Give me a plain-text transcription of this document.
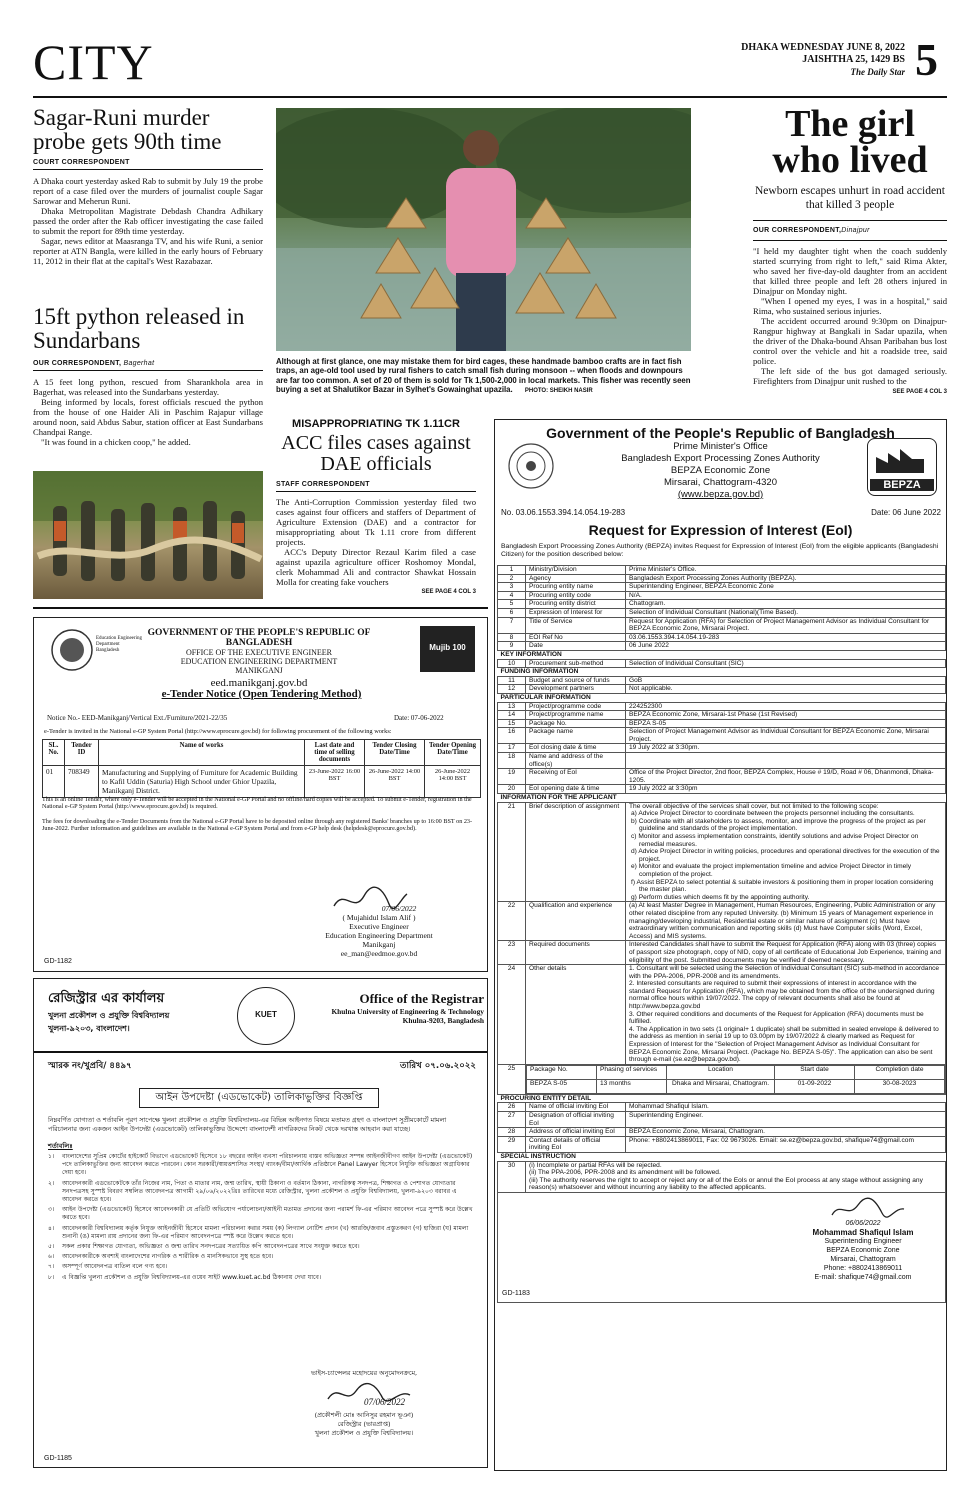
CITY	DHAKA WEDNESDAY JUNE 8, 2022
JAISHTHA 25, 1429 BS
The Daily Star 5
Sagar-Runi murder probe gets 90th time
COURT CORRESPONDENT

A Dhaka court yesterday asked Rab to submit by July 19 the probe report of a case filed over the murders of journalist couple Sagar Sarowar and Meherun Runi.

Dhaka Metropolitan Magistrate Debdash Chandra Adhikary passed the order after the Rab officer investigating the case failed to submit the report for 89th time yesterday.

Sagar, news editor at Maasranga TV, and his wife Runi, a senior reporter at ATN Bangla, were killed in the early hours of February 11, 2012 in their flat at the capital's West Razabazar.

15ft python released in Sundarbans
OUR CORRESPONDENT, Bagerhat

A 15 feet long python, rescued from Sharankhola area in Bagerhat, was released into the Sundarbans yesterday.

Being informed by locals, forest officials rescued the python from the house of one Haider Ali in Paschim Rajapur village around noon, said Abdus Sabur, station officer at East Sundarbans Chandpai Range.

"It was found in a chicken coop," he added.

Although at first glance, one may mistake them for bird cages, these handmade bamboo crafts are in fact fish traps, an age-old tool used by rural fishers to catch small fish during monsoon -- when floods and downpours are far too common. A set of 20 of them is sold for Tk 1,500-2,000 in local markets. This fisher was recently seen buying a set at Shalutikor Bazar in Sylhet's Gowainghat upazila. PHOTO: SHEIKH NASIR
MISAPPROPRIATING TK 1.11CR
ACC files cases against DAE officials
STAFF CORRESPONDENT

The Anti-Corruption Commission yesterday filed two cases against four officers and staffers of Department of Agriculture Extension (DAE) and a contractor for misappropriating about Tk 1.11 crore from different projects.

ACC's Deputy Director Rezaul Karim filed a case against upazila agriculture officer Roshomoy Mondal, clerk Mohammad Ali and contractor Shawkat Hossain Molla for creating fake vouchers

SEE PAGE 4 COL 3
The girl who lived
Newborn escapes unhurt in road accident that killed 3 people
OUR CORRESPONDENT,Dinajpur

"I held my daughter tight when the coach suddenly started scurrying from right to left," said Rima Akter, who saved her five-day-old daughter from an accident that killed three people and left 28 others injured in Dinajpur on Monday night.

"When I opened my eyes, I was in a hospital," said Rima, who sustained serious injuries.

The accident occurred around 9:30pm on Dinajpur-Rangpur highway at Bangkali in Sadar upazila, when the driver of the Dhaka-bound Ahsan Paribahan bus lost control over the vehicle and hit a roadside tree, said police.

The left side of the bus got damaged seriously. Firefighters from Dinajpur unit rushed to the

SEE PAGE 4 COL 3
Education Engineering Department Bangladesh
GOVERNMENT OF THE PEOPLE'S REPUBLIC OF BANGLADESH
OFFICE OF THE EXECUTIVE ENGINEER
EDUCATION ENGINEERING DEPARTMENT
MANIKGANJ
eed.manikganj.gov.bd
Mujib 100
e-Tender Notice (Open Tendering Method)
Notice No.- EED-Manikganj/Vertical Ext./Furniture/2021-22/35	Date: 07-06-2022
e-Tender is invited in the National e-GP System Portal (http://www.eprocure.gov.bd) for following procurement of the following works:
SL. No.	Tender ID	Name of works	Last date and time of selling documents	Tender Closing Date/Time	Tender Opening Date/Time
01	708349	Manufacturing and Supplying of Furniture for Academic Building to Kafil Uddin (Saturia) High School under Ghior Upazila, Manikganj District.	23-June-2022 16:00 BST	26-June-2022 14:00 BST	26-June-2022 14:00 BST
This is an online Tender, where only e-Tender will be accepted in the National e-GP Portal and no offline/hard copies will be accepted. To submit e-Tender, registration in the National e-GP System Portal (http://www.eprocure.gov.bd) is required.
The fees for downloading the e-Tender Documents from the National e-GP Portal have to be deposited online through any registered Banks' branches up to 16:00 BST on 23-June-2022. Further information and guidelines are available in the National e-GP System Portal and from e-GP help desk (helpdesk@eprocure.gov.bd).
07/06/2022
( Mujahidul Islam Alif )
Executive Engineer
Education Engineering Department
Manikganj
ee_man@eedmoe.gov.bd
GD-1182
রেজিস্ট্রার এর কার্যালয়
খুলনা প্রকৌশল ও প্রযুক্তি বিশ্ববিদ্যালয়
খুলনা-৯২০৩, বাংলাদেশ।
KUET
Office of the Registrar
Khulna University of Engineering & Technology
Khulna-9203, Bangladesh
স্মারক নং/খুপ্রবি/ ৪৪৯৭	তারিখ ০৭.০৬.২০২২
আইন উপদেষ্টা (এডভোকেট) তালিকাভুক্তির বিজ্ঞপ্তি
নিম্নবর্ণিত যোগ্যতা ও শর্তাবলি পূরণ সাপেক্ষে খুলনা প্রকৌশল ও প্রযুক্তি বিশ্ববিদ্যালয়-এর বিভিন্ন আইনগত বিষয়ে মতামত গ্রহণ ও বাংলাদেশ সুপ্রীমকোর্টে মামলা পরিচালনার জন্য একজন আইন উপদেষ্টা (এডভোকেট) তালিকাভুক্তির উদ্দেশ্যে বাংলাদেশী নাগরিকদের নিকট থেকে দরখাস্ত আহবান করা যাচ্ছে।
শর্তাবলিঃ
১।	বাংলাদেশের সুপ্রিম কোর্টের হাইকোর্ট বিভাগে এডভোকেট হিসেবে ১৮ বছরের আইন ব্যবসা পরিচালনায় বাস্তব অভিজ্ঞতা সম্পন্ন আইনজীবীগণ আইন উপদেষ্টা (এডভোকেট) পদে তালিকাভুক্তির জন্য আবেদন করতে পারবেন। কোন সরকারী/স্বায়ত্তশাসিত সংস্থা/ ব্যাংক/বীমা/আর্থিক প্রতিষ্ঠানে Panel Lawyer হিসেবে নিযুক্তি অভিজ্ঞতা অগ্রাধিকার দেয়া হবে।
২।	আবেদনকারী এডভোকেটকে তাঁর নিজের নাম, পিতা ও মাতার নাম, জন্ম তারিখ, স্থায়ী ঠিকানা ও বর্তমান ঠিকানা, নাগরিকত্ব সনদপত্র, শিক্ষাগত ও পেশাগত যোগ্যতার সনদপত্রসহ সুস্পষ্ট বিবরণ সম্বলিত আবেদনপত্র আগামী ২৯/০৬/২০২২খ্রিঃ তারিখের মধ্যে রেজিস্ট্রার, খুলনা প্রকৌশল ও প্রযুক্তি বিশ্ববিদ্যালয়, খুলনা-৯২০৩ বরাবর এ আবেদন করতে হবে।
৩।	আইন উপদেষ্টা (এডভোকেট) হিসেবে আবেদনকারী যে প্রতিটি অভিযোগ পর্যালোচনা/আইনী মতামত প্রদানের জন্য পরামর্শ ফি-এর পরিমাণ আবেদন পত্রে সুস্পষ্ট করে উল্লেখ করতে হবে।
৪।	আবেদনকারী বিশ্ববিদ্যালয় কর্তৃক নিযুক্ত আইনজীবী হিসেবে মামলা পরিচালনা করার সময় (ক) লিগ্যাল নোটিশ প্রদান (খ) আরজি/জবাব প্রস্তুতকরণ (গ) হাজিরা (ঘ) মামলা শুনানী (ঙ) মামলা রায় প্রদানের জন্য ফি-এর পরিমাণ আবেদনপত্রে স্পষ্ট করে উল্লেখ করতে হবে।
৫।	সকল প্রকার শিক্ষাগত যোগ্যতা, অভিজ্ঞতা ও জন্ম তারিখ সনদপত্রের সত্যায়িত কপি আবেদনপত্রের সাথে সংযুক্ত করতে হবে।
৬।	আবেদনকারীকে অবশ্যই বাংলাদেশের নাগরিক ও শারীরিক ও মানসিকভাবে সুস্থ হতে হবে।
৭।	অসম্পূর্ণ আবেদনপত্র বাতিল বলে গণ্য হবে।
৮।	এ বিজ্ঞপ্তি খুলনা প্রকৌশল ও প্রযুক্তি বিশ্ববিদ্যালয়-এর ওয়েব সাইট www.kuet.ac.bd ঠিকানায় দেখা যাবে।
ভাইস-চ্যান্সেলর মহোদয়ের অনুমোদনক্রমে,
07/06/2022
(প্রকৌশলী মোঃ আনিসুর রহমান ভূঞা)
রেজিস্ট্রার (ভারপ্রাপ্ত)
খুলনা প্রকৌশল ও প্রযুক্তি বিশ্ববিদ্যালয়।
GD-1185
Government of the People's Republic of Bangladesh
Prime Minister's Office
Bangladesh Export Processing Zones Authority
BEPZA Economic Zone
Mirsarai, Chattogram-4320
(www.bepza.gov.bd)
BEPZA
No. 03.06.1553.394.14.054.19-283	Date: 06 June 2022
Request for Expression of Interest (EoI)
Bangladesh Export Processing Zones Authority (BEPZA) invites Request for Expression of Interest (EoI) from the eligible applicants (Bangladeshi Citizen) for the position described below:
1	Ministry/Division	Prime Minister's Office.
2	Agency	Bangladesh Export Processing Zones Authority (BEPZA).
3	Procuring entity name	Superintending Engineer, BEPZA Economic Zone
4	Procuring entity code	N/A.
5	Procuring entity district	Chattogram.
6	Expression of Interest for	Selection of Individual Consultant (National)(Time Based).
7	Title of Service	Request for Application (RFA) for Selection of Project Management Advisor as Individual Consultant for BEPZA Economic Zone, Mirsarai Project.
8	EOI Ref No	03.06.1553.394.14.054.19-283
9	Date	06 June 2022
KEY INFORMATION
10	Procurement sub-method	Selection of Individual Consultant (SIC)
FUNDING INFORMATION
11	Budget and source of funds	GoB
12	Development partners	Not applicable.
PARTICULAR INFORMATION
13	Project/programme code	224252300
14	Project/programme name	BEPZA Economic Zone, Mirsarai-1st Phase (1st Revised)
15	Package No.	BEPZA S-05
16	Package name	Selection of Project Management Advisor as Individual Consultant for BEPZA Economic Zone, Mirsarai Project.
17	EoI closing date & time	19 July 2022 at 3:30pm.
18	Name and address of the office(s)	
19	Receiving of EoI	Office of the Project Director, 2nd floor, BEPZA Complex, House # 19/D, Road # 06, Dhanmondi, Dhaka-1205.
20	EoI opening date & time	19 July 2022 at 3:30pm
INFORMATION FOR THE APPLICANT
21	Brief description of assignment	The overall objective of the services shall cover, but not limited to the following scope:
a) Advice Project Director to coordinate between the projects personnel including the consultants.
b) Coordinate with all stakeholders to assess, monitor, and improve the progress of the project as per guideline and standards of the project implementation.
c) Monitor and assess implementation constraints, identify solutions and advise Project Director on remedial measures.
d) Advice Project Director in writing policies, procedures and operational directives for the execution of the project.
e) Monitor and evaluate the project implementation timeline and advice Project Director in timely completion of the project.
f) Assist BEPZA to select potential & suitable investors & positioning them in proper location considering the master plan.
g) Perform duties which deems fit by the appointing authority.

22	Qualification and experience	(a) At least Master Degree in Management, Human Resources, Engineering, Public Administration or any other related discipline from any reputed University. (b) Minimum 15 years of Management experience in managing/developing industrial, Residential estate or similar nature of assignment (c) Must have extraordinary written communication and reporting skills (d) Must have Computer skills (Word, Excel, Access) and MIS systems.
23	Required documents	Interested Candidates shall have to submit the Request for Application (RFA) along with 03 (three) copies of passport size photograph, copy of NID, copy of all certificate of Educational Job Experience, training and eligibility of the post. Submitted documents may be verified if deemed necessary.
24	Other details	1. Consultant will be selected using the Selection of Individual Consultant (SIC) sub-method in accordance with the PPA-2006, PPR-2008 and its amendments.
2. Interested consultants are required to submit their expressions of interest in accordance with the standard Request for Application (RFA), which may be obtained from the office of the undersigned during normal office hours within 19/07/2022. The copy of relevant documents shall also be found at http://www.bepza.gov.bd
3. Other required conditions and documents of the Request for Application (RFA) documents must be fulfilled.
4. The Application in two sets (1 original+ 1 duplicate) shall be submitted in sealed envelope & delivered to the address as mention in serial 19 up to 03.00pm by 19/07/2022 & clearly marked as Request for Expression of Interest for the "Selection of Project Management Advisor as Individual Consultant for BEPZA Economic Zone, Mirsarai Project. (Package No. BEPZA S-05)". The application can also be sent through e-mail (se.ez@bepza.gov.bd).

25	Package No.	Phasing of services	Location	Start date	Completion date
BEPZA S-05	13 months	Dhaka and Mirsarai, Chattogram.	01-09-2022	30-08-2023

PROCURING ENTITY DETAIL
26	Name of official inviting EoI	Mohammad Shafiqul Islam.
27	Designation of official inviting EoI	Superintending Engineer.
28	Address of official inviting EoI	BEPZA Economic Zone, Mirsarai, Chattogram.
29	Contact details of official inviting EoI	Phone: +8802413869011, Fax: 02 9673026. Email: se.ez@bepza.gov.bd, shafique74@gmail.com
SPECIAL INSTRUCTION
30	(i) Incomplete or partial RFAs will be rejected.
(ii) The PPA-2006, PPR-2008 and its amendment will be followed.
(iii) The authority reserves the right to accept or reject any or all of the EoIs or annul the EoI process at any stage without assigning any reason(s) whatsoever and without incurring any liability to the affected applicants.

06/06/2022
Mohammad Shafiqul Islam
Superintending Engineer
BEPZA Economic Zone
Mirsarai, Chattogram
Phone: +8802413869011
E-mail: shafique74@gmail.com
GD-1183
